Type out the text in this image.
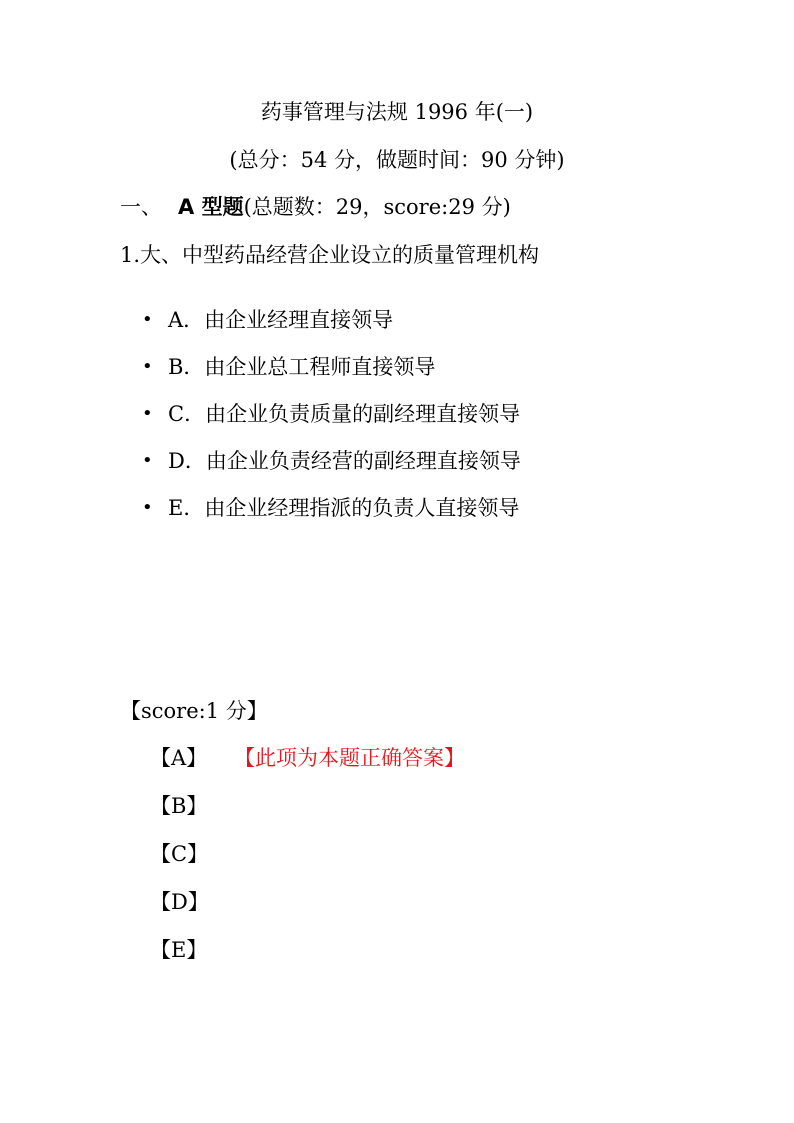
药事管理与法规 1996 年(一)
(总分：54 分，做题时间：90 分钟)
一、 A 型题(总题数：29，score:29 分)
1.大、中型药品经营企业设立的质量管理机构
• A．由企业经理直接领导
• B．由企业总工程师直接领导
• C．由企业负责质量的副经理直接领导
• D．由企业负责经营的副经理直接领导
• E．由企业经理指派的负责人直接领导
【score:1 分】
【A】 【此项为本题正确答案】
【B】
【C】
【D】
【E】
